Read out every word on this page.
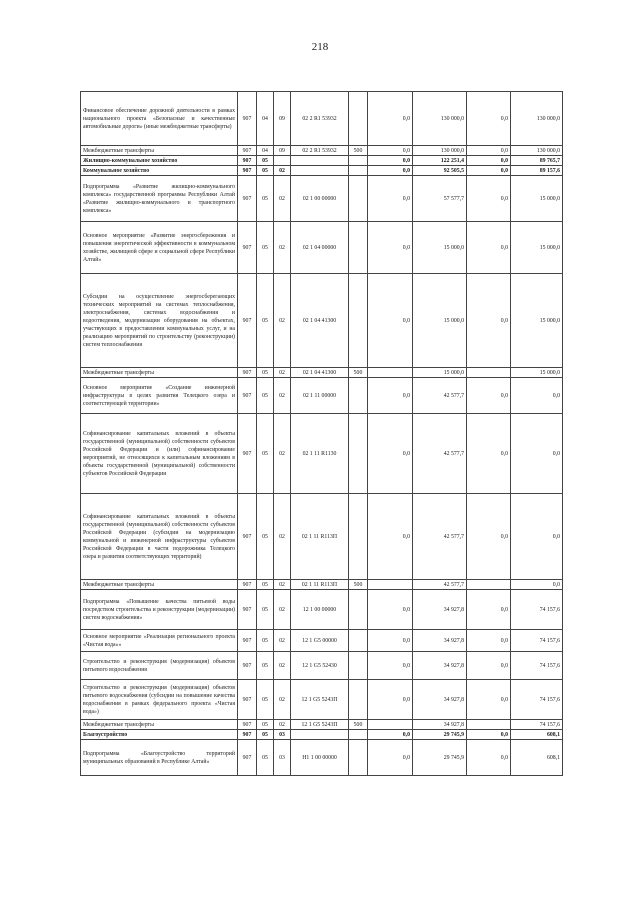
218
Финансовое обеспечение дорожной деятельности в рамках национального проекта «Безопасные и качественные автомобильные дороги» (иные межбюджетные трансферты)	907	04	09	02 2 R1 53932		0,0	130 000,0	0,0	130 000,0
Межбюджетные трансферты	907	04	09	02 2 R1 53932	500	0,0	130 000,0	0,0	130 000,0
Жилищно-коммунальное хозяйство	907	05				0,0	122 251,4	0,0	89 765,7
Коммунальное хозяйство	907	05	02			0,0	92 505,5	0,0	89 157,6
Подпрограмма «Развитие жилищно-коммунального комплекса» государственной программы Республики Алтай «Развитие жилищно-коммунального и транспортного комплекса»	907	05	02	02 1 00 00000		0,0	57 577,7	0,0	15 000,0
Основное мероприятие «Развитие энергосбережения и повышения энергетической эффективности в коммунальном хозяйстве, жилищной сфере и социальной сфере Республики Алтай»	907	05	02	02 1 04 00000		0,0	15 000,0	0,0	15 000,0
Субсидии на осуществление энергосберегающих технических мероприятий на системах теплоснабжения, электроснабжения, системах водоснабжения и водоотведения, модернизации оборудования на объектах, участвующих в предоставлении коммунальных услуг, и на реализацию мероприятий по строительству (реконструкции) систем теплоснабжения	907	05	02	02 1 04 41300		0,0	15 000,0	0,0	15 000,0
Межбюджетные трансферты	907	05	02	02 1 04 41300	500		15 000,0		15 000,0
Основное мероприятие «Создание инженерной инфраструктуры в целях развития Телецкого озера и соответствующей территории»	907	05	02	02 1 11 00000		0,0	42 577,7	0,0	0,0
Софинансирование капитальных вложений в объекты государственной (муниципальной) собственности субъектов Российской Федерации и (или) софинансирование мероприятий, не относящихся к капитальным вложениям в объекты государственной (муниципальной) собственности субъектов Российской Федерации	907	05	02	02 1 11 R1130		0,0	42 577,7	0,0	0,0
Софинансирование капитальных вложений в объекты государственной (муниципальной) собственности субъектов Российской Федерации (субсидии на модернизацию коммунальной и инженерной инфраструктуры субъектов Российской Федерации в части подорожника Телецкого озера и развития соответствующих территорий)	907	05	02	02 1 11 R113П		0,0	42 577,7	0,0	0,0
Межбюджетные трансферты	907	05	02	02 1 11 R113П	500		42 577,7		0,0
Подпрограмма «Повышение качества питьевой воды посредством строительства и реконструкции (модернизации) систем водоснабжения»	907	05	02	12 1 00 00000		0,0	34 927,8	0,0	74 157,6
Основное мероприятие «Реализация регионального проекта «Чистая вода»»	907	05	02	12 1 G5 00000		0,0	34 927,8	0,0	74 157,6
Строительство и реконструкция (модернизация) объектов питьевого водоснабжения	907	05	02	12 1 G5 52430		0,0	34 927,8	0,0	74 157,6
Строительство и реконструкция (модернизация) объектов питьевого водоснабжения (субсидии на повышение качества водоснабжения в рамках федерального проекта «Чистая вода»)	907	05	02	12 1 G5 5243П		0,0	34 927,8	0,0	74 157,6
Межбюджетные трансферты	907	05	02	12 1 G5 5243П	500		34 927,8		74 157,6
Благоустройство	907	05	03			0,0	29 745,9	0,0	608,1
Подпрограмма «Благоустройство территорий муниципальных образований в Республике Алтай»	907	05	03	Н1 1 00 00000		0,0	29 745,9	0,0	608,1
